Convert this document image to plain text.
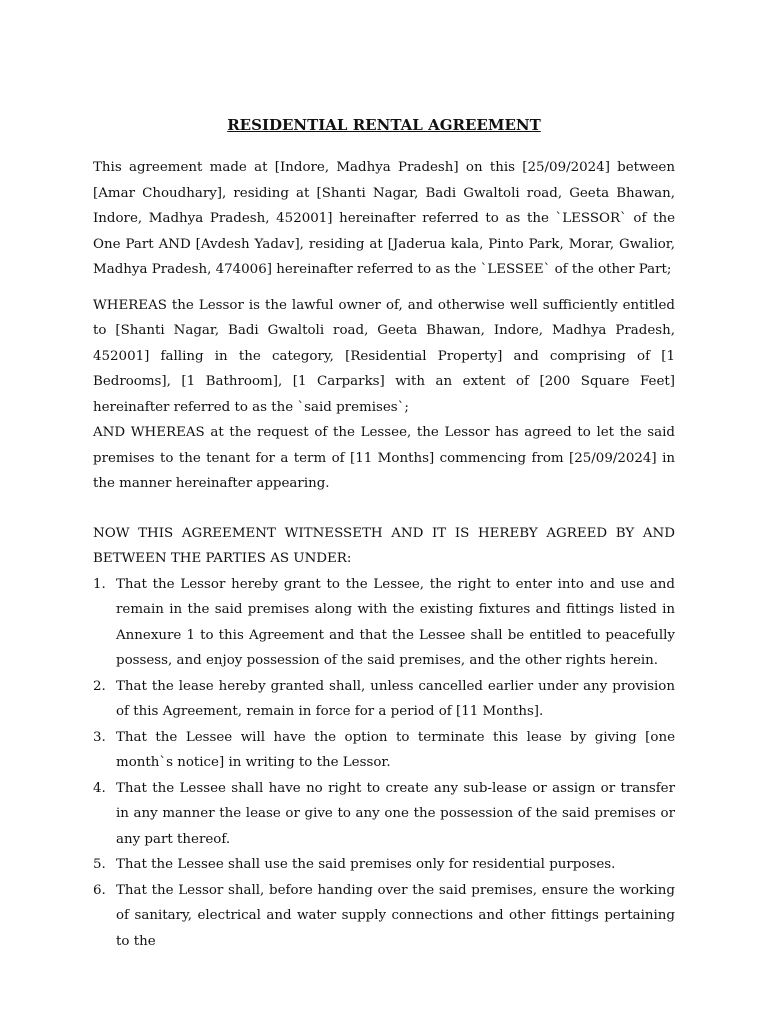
RESIDENTIAL RENTAL AGREEMENT

This agreement made at [Indore, Madhya Pradesh] on this [25/09/2024] between [Amar Choudhary], residing at [Shanti Nagar, Badi Gwaltoli road, Geeta Bhawan, Indore, Madhya Pradesh, 452001] hereinafter referred to as the `LESSOR` of the One Part AND [Avdesh Yadav], residing at [Jaderua kala, Pinto Park, Morar, Gwalior, Madhya Pradesh, 474006] hereinafter referred to as the `LESSEE` of the other Part;

WHEREAS the Lessor is the lawful owner of, and otherwise well sufficiently entitled to [Shanti Nagar, Badi Gwaltoli road, Geeta Bhawan, Indore, Madhya Pradesh, 452001] falling in the category, [Residential Property] and comprising of [1 Bedrooms], [1 Bathroom], [1 Carparks] with an extent of [200 Square Feet] hereinafter referred to as the `said premises`;

AND WHEREAS at the request of the Lessee, the Lessor has agreed to let the said premises to the tenant for a term of [11 Months] commencing from [25/09/2024] in the manner hereinafter appearing.

NOW THIS AGREEMENT WITNESSETH AND IT IS HEREBY AGREED BY AND BETWEEN THE PARTIES AS UNDER:

1. That the Lessor hereby grant to the Lessee, the right to enter into and use and remain in the said premises along with the existing fixtures and fittings listed in Annexure 1 to this Agreement and that the Lessee shall be entitled to peacefully possess, and enjoy possession of the said premises, and the other rights herein.
2. That the lease hereby granted shall, unless cancelled earlier under any provision of this Agreement, remain in force for a period of [11 Months].
3. That the Lessee will have the option to terminate this lease by giving [one month`s notice] in writing to the Lessor.
4. That the Lessee shall have no right to create any sub-lease or assign or transfer in any manner the lease or give to any one the possession of the said premises or any part thereof.
5. That the Lessee shall use the said premises only for residential purposes.
6. That the Lessor shall, before handing over the said premises, ensure the working of sanitary, electrical and water supply connections and other fittings pertaining to the
